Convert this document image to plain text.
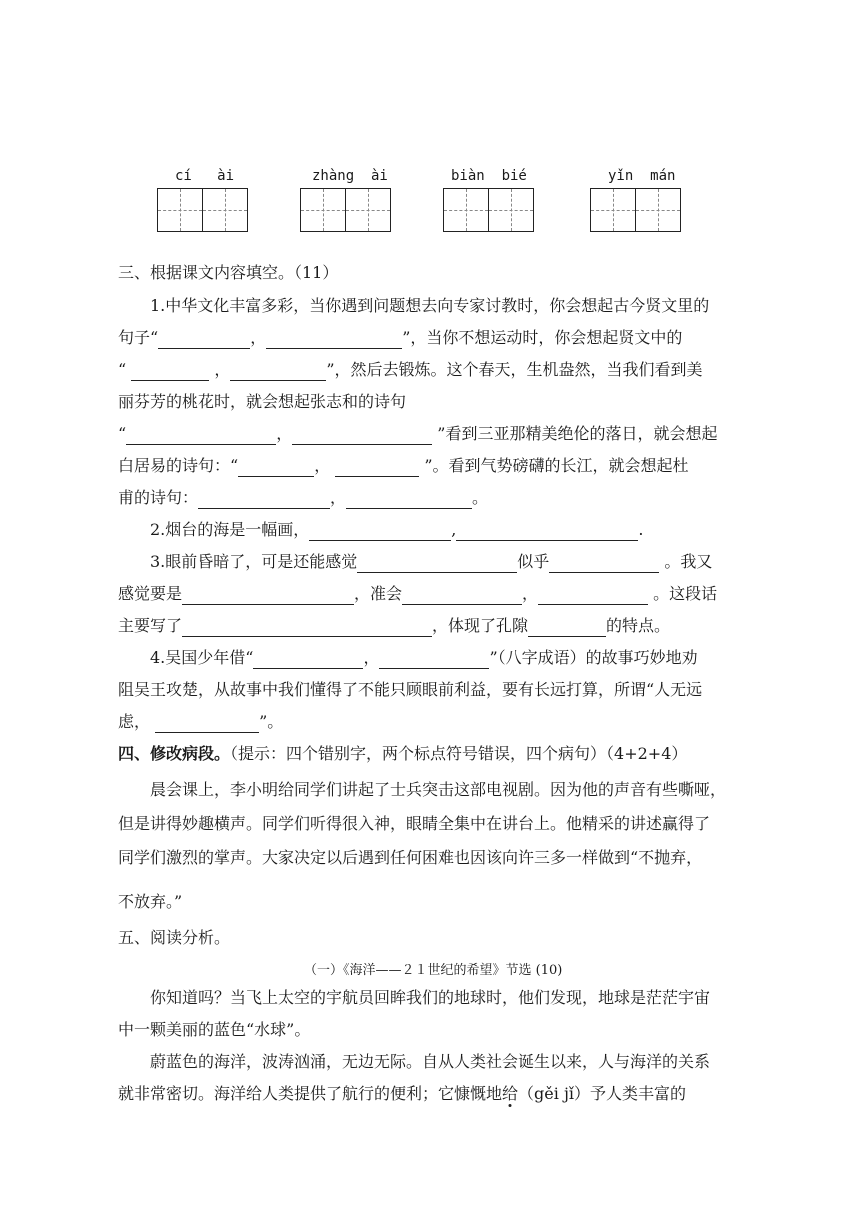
cí   ài	zhàng  ài	biàn  bié	yǐn  mán
三、根据课文内容填空。（11）
1.中华文化丰富多彩，当你遇到问题想去向专家讨教时，你会想起古今贤文里的
句子“	，	”，当你不想运动时，你会想起贤文中的
“	，	”，然后去锻炼。这个春天，生机盎然，当我们看到美
丽芬芳的桃花时，就会想起张志和的诗句
“	，	”看到三亚那精美绝伦的落日，就会想起
白居易的诗句：“	，	”。看到气势磅礴的长江，就会想起杜
甫的诗句：	，	。
2.烟台的海是一幅画，	,	.
3.眼前昏暗了，可是还能感觉	似乎	。我又
感觉要是	，准会	，	。这段话
主要写了	，体现了孔隙	的特点。
4.吴国少年借“	，	”（八字成语）的故事巧妙地劝
阻吴王攻楚，从故事中我们懂得了不能只顾眼前利益，要有长远打算，所谓“人无远
虑，	”。
四、修改病段。（提示：四个错别字，两个标点符号错误，四个病句）（4+2+4）
晨会课上，李小明给同学们讲起了士兵突击这部电视剧。因为他的声音有些嘶哑，
但是讲得妙趣横声。同学们听得很入神，眼睛全集中在讲台上。他精采的讲述赢得了
同学们激烈的掌声。大家决定以后遇到任何困难也因该向许三多一样做到“不抛弃，
不放弃。”
五、阅读分析。
（一）《海洋——２１世纪的希望》节选 (10)
你知道吗？当飞上太空的宇航员回眸我们的地球时，他们发现，地球是茫茫宇宙
中一颗美丽的蓝色“水球”。
蔚蓝色的海洋，波涛汹涌，无边无际。自从人类社会诞生以来，人与海洋的关系
就非常密切。海洋给人类提供了航行的便利；它慷慨地给（gěi jǐ）予人类丰富的
